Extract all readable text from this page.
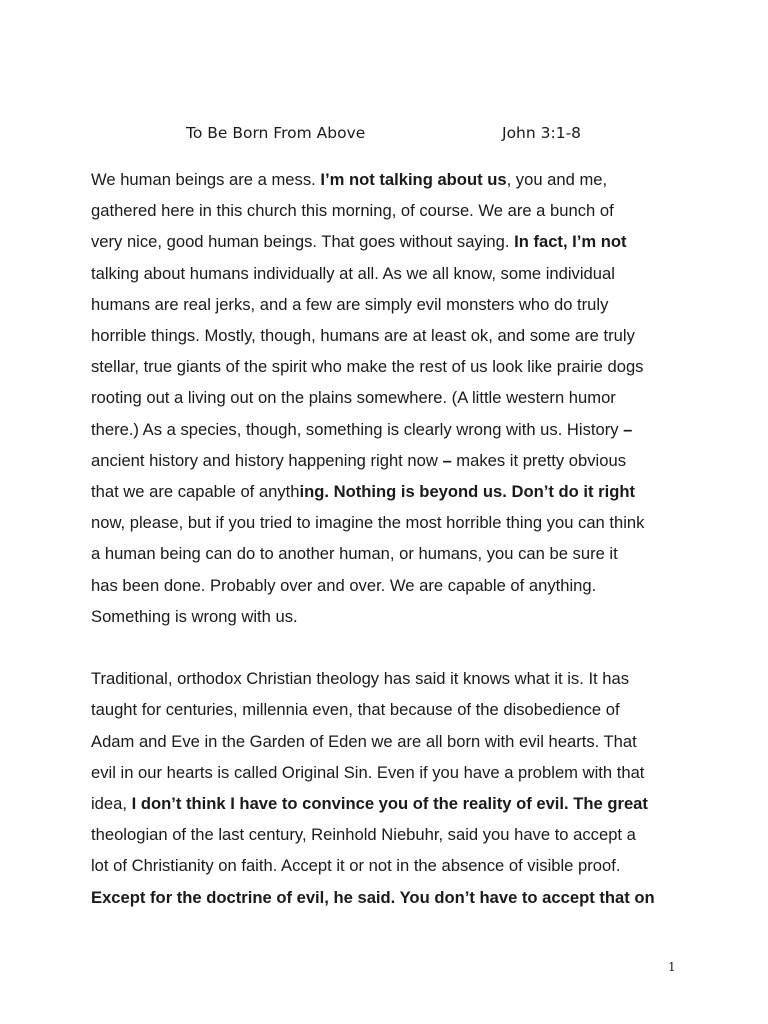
To Be Born From Above	John 3:1-8
We human beings are a mess. I’m not talking about us, you and me,
gathered here in this church this morning, of course. We are a bunch of
very nice, good human beings. That goes without saying. In fact, I’m not
talking about humans individually at all. As we all know, some individual
humans are real jerks, and a few are simply evil monsters who do truly
horrible things. Mostly, though, humans are at least ok, and some are truly
stellar, true giants of the spirit who make the rest of us look like prairie dogs
rooting out a living out on the plains somewhere. (A little western humor
there.) As a species, though, something is clearly wrong with us. History –
ancient history and history happening right now – makes it pretty obvious
that we are capable of anything. Nothing is beyond us. Don’t do it right
now, please, but if you tried to imagine the most horrible thing you can think
a human being can do to another human, or humans, you can be sure it
has been done. Probably over and over. We are capable of anything.
Something is wrong with us.
Traditional, orthodox Christian theology has said it knows what it is. It has
taught for centuries, millennia even, that because of the disobedience of
Adam and Eve in the Garden of Eden we are all born with evil hearts. That
evil in our hearts is called Original Sin. Even if you have a problem with that
idea, I don’t think I have to convince you of the reality of evil. The great
theologian of the last century, Reinhold Niebuhr, said you have to accept a
lot of Christianity on faith. Accept it or not in the absence of visible proof.
Except for the doctrine of evil, he said. You don’t have to accept that on
1
